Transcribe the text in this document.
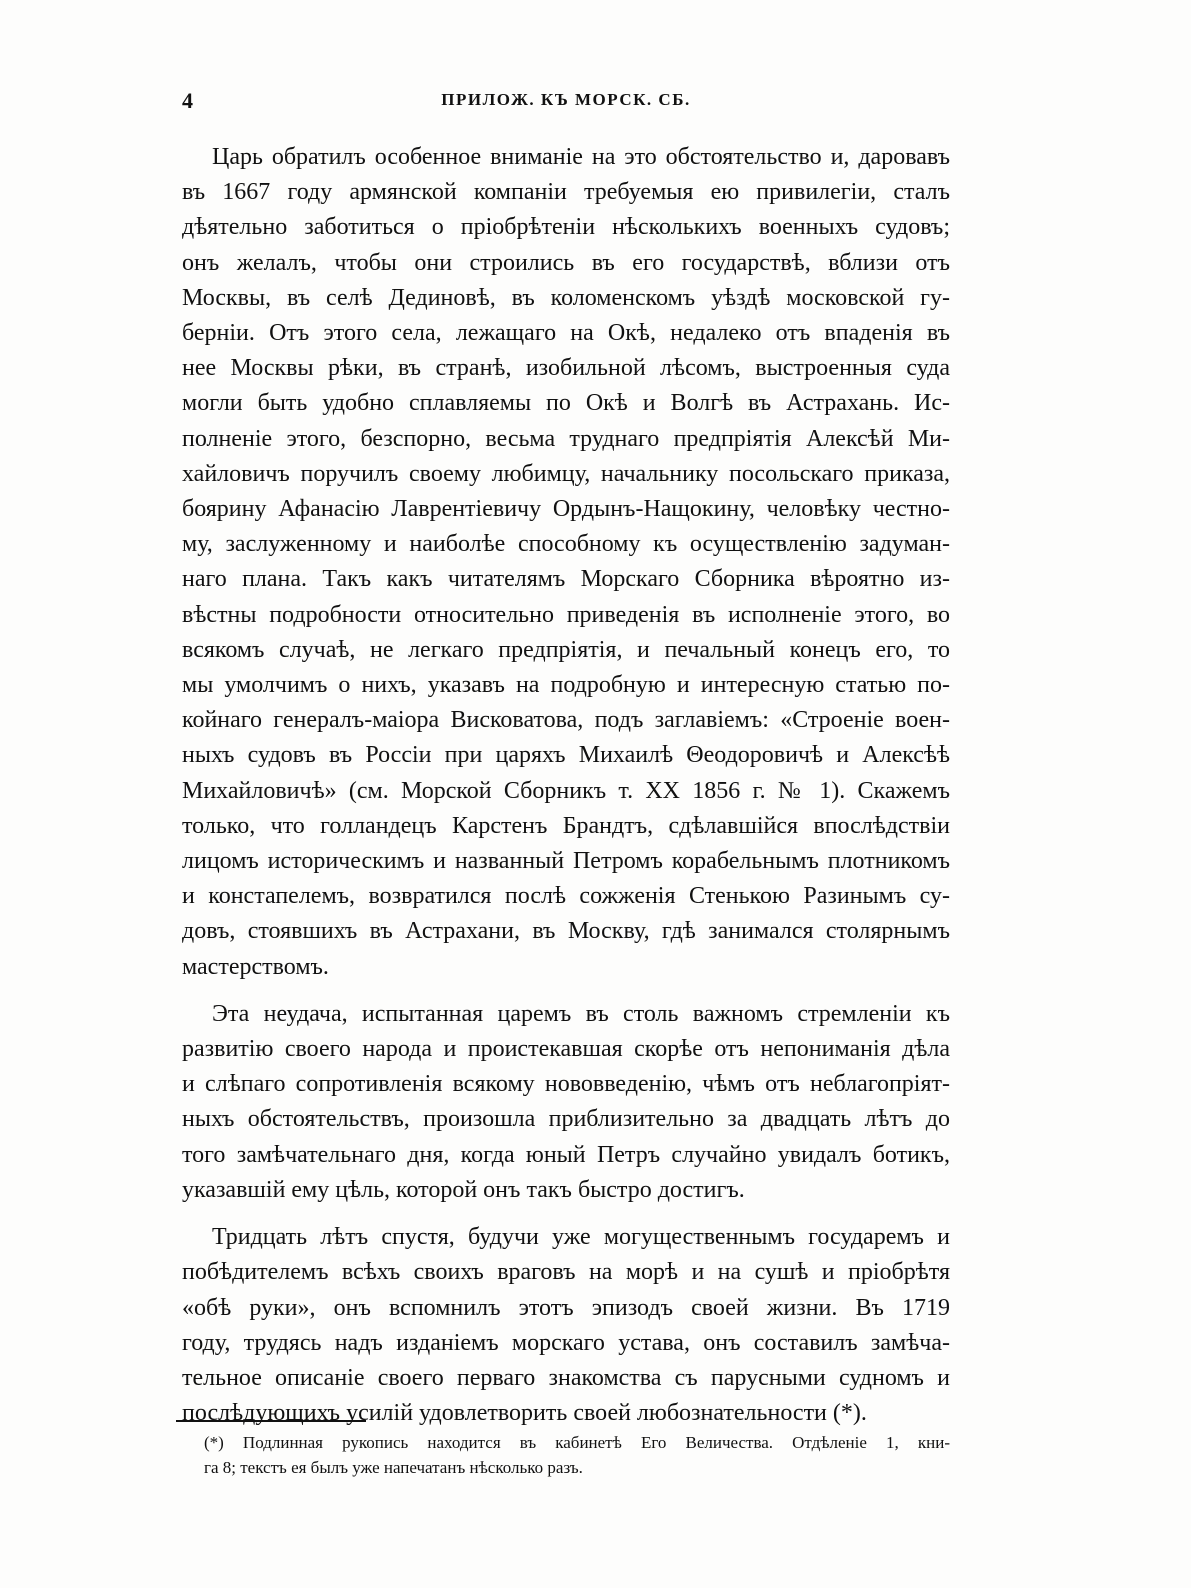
4	ПРИЛОЖ. КЪ МОРСК. СБ.

Царь обратилъ особенное вниманіе на это обстоятельство и, даровавъ
въ 1667 году армянской компаніи требуемыя ею привилегіи, сталъ
дѣятельно заботиться о пріобрѣтеніи нѣсколькихъ военныхъ судовъ;
онъ желалъ, чтобы они строились въ его государствѣ, вблизи отъ
Москвы, въ селѣ Дединовѣ, въ коломенскомъ уѣздѣ московской гу-
берніи. Отъ этого села, лежащаго на Окѣ, недалеко отъ впаденія въ
нее Москвы рѣки, въ странѣ, изобильной лѣсомъ, выстроенныя суда
могли быть удобно сплавляемы по Окѣ и Волгѣ въ Астрахань. Ис-
полненіе этого, безспорно, весьма труднаго предпріятія Алексѣй Ми-
хайловичъ поручилъ своему любимцу, начальнику посольскаго приказа,
боярину Афанасію Лаврентіевичу Ордынъ-Нащокину, человѣку честно-
му, заслуженному и наиболѣе способному къ осуществленію задуман-
наго плана. Такъ какъ читателямъ Морскаго Сборника вѣроятно из-
вѣстны подробности относительно приведенія въ исполненіе этого, во
всякомъ случаѣ, не легкаго предпріятія, и печальный конецъ его, то
мы умолчимъ о нихъ, указавъ на подробную и интересную статью по-
койнаго генералъ-маіора Висковатова, подъ заглавіемъ: «Строеніе воен-
ныхъ судовъ въ Россіи при царяхъ Михаилѣ Θеодоровичѣ и Алексѣѣ
Михайловичѣ» (см. Морской Сборникъ т. XX 1856 г. № 1). Скажемъ
только, что голландецъ Карстенъ Брандтъ, сдѣлавшійся впослѣдствіи
лицомъ историческимъ и названный Петромъ корабельнымъ плотникомъ
и констапелемъ, возвратился послѣ сожженія Стенькою Разинымъ су-
довъ, стоявшихъ въ Астрахани, въ Москву, гдѣ занимался столярнымъ
мастерствомъ.

Эта неудача, испытанная царемъ въ столь важномъ стремленіи къ
развитію своего народа и проистекавшая скорѣе отъ непониманія дѣла
и слѣпаго сопротивленія всякому нововведенію, чѣмъ отъ неблагопріят-
ныхъ обстоятельствъ, произошла приблизительно за двадцать лѣтъ до
того замѣчательнаго дня, когда юный Петръ случайно увидалъ ботикъ,
указавшій ему цѣль, которой онъ такъ быстро достигъ.

Тридцать лѣтъ спустя, будучи уже могущественнымъ государемъ и
побѣдителемъ всѣхъ своихъ враговъ на морѣ и на сушѣ и пріобрѣтя
«обѣ руки», онъ вспомнилъ этотъ эпизодъ своей жизни. Въ 1719
году, трудясь надъ изданіемъ морскаго устава, онъ составилъ замѣча-
тельное описаніе своего перваго знакомства съ парусными судномъ и
послѣдующихъ усилій удовлетворить своей любознательности (*).

(*) Подлинная рукопись находится въ кабинетѣ Его Величества. Отдѣленіе 1, кни-
га 8; текстъ ея былъ уже напечатанъ нѣсколько разъ.
